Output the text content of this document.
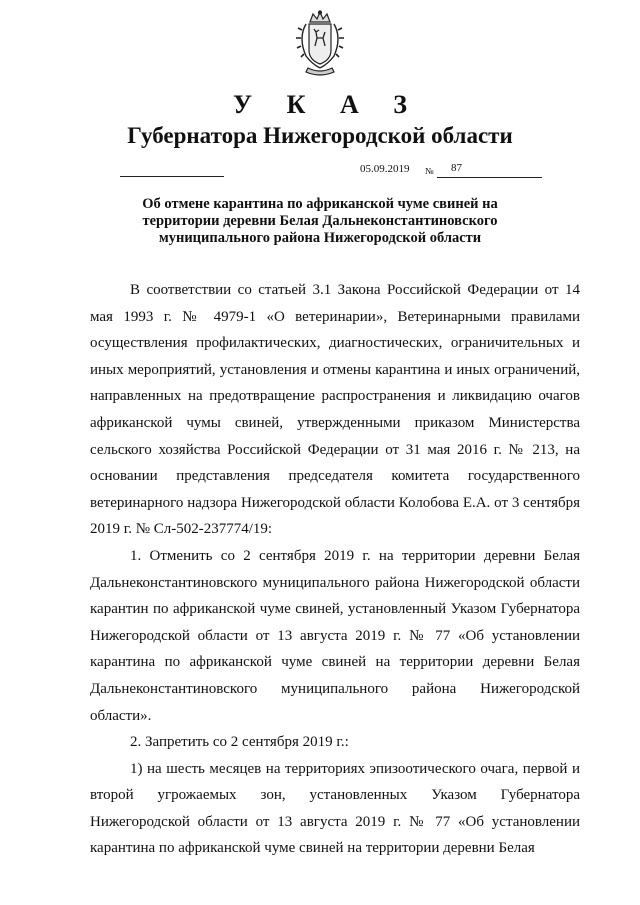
У К А З
Губернатора Нижегородской области
05.09.2019 № 87
Об отмене карантина по африканской чуме свиней на
территории деревни Белая Дальнеконстантиновского
муниципального района Нижегородской области

В соответствии со статьей 3.1 Закона Российской Федерации от 14 мая 1993 г. № 4979-1 «О ветеринарии», Ветеринарными правилами осуществления профилактических, диагностических, ограничительных и иных мероприятий, установления и отмены карантина и иных ограничений, направленных на предотвращение распространения и ликвидацию очагов африканской чумы свиней, утвержденными приказом Министерства сельского хозяйства Российской Федерации от 31 мая 2016 г. № 213, на основании представления председателя комитета государственного ветеринарного надзора Нижегородской области Колобова Е.А. от 3 сентября 2019 г. № Сл-502-237774/19:

1. Отменить со 2 сентября 2019 г. на территории деревни Белая Дальнеконстантиновского муниципального района Нижегородской области карантин по африканской чуме свиней, установленный Указом Губернатора Нижегородской области от 13 августа 2019 г. № 77 «Об установлении карантина по африканской чуме свиней на территории деревни Белая Дальнеконстантиновского муниципального района Нижегородской области».

2. Запретить со 2 сентября 2019 г.:

1) на шесть месяцев на территориях эпизоотического очага, первой и второй угрожаемых зон, установленных Указом Губернатора Нижегородской области от 13 августа 2019 г. № 77 «Об установлении карантина по африканской чуме свиней на территории деревни Белая
